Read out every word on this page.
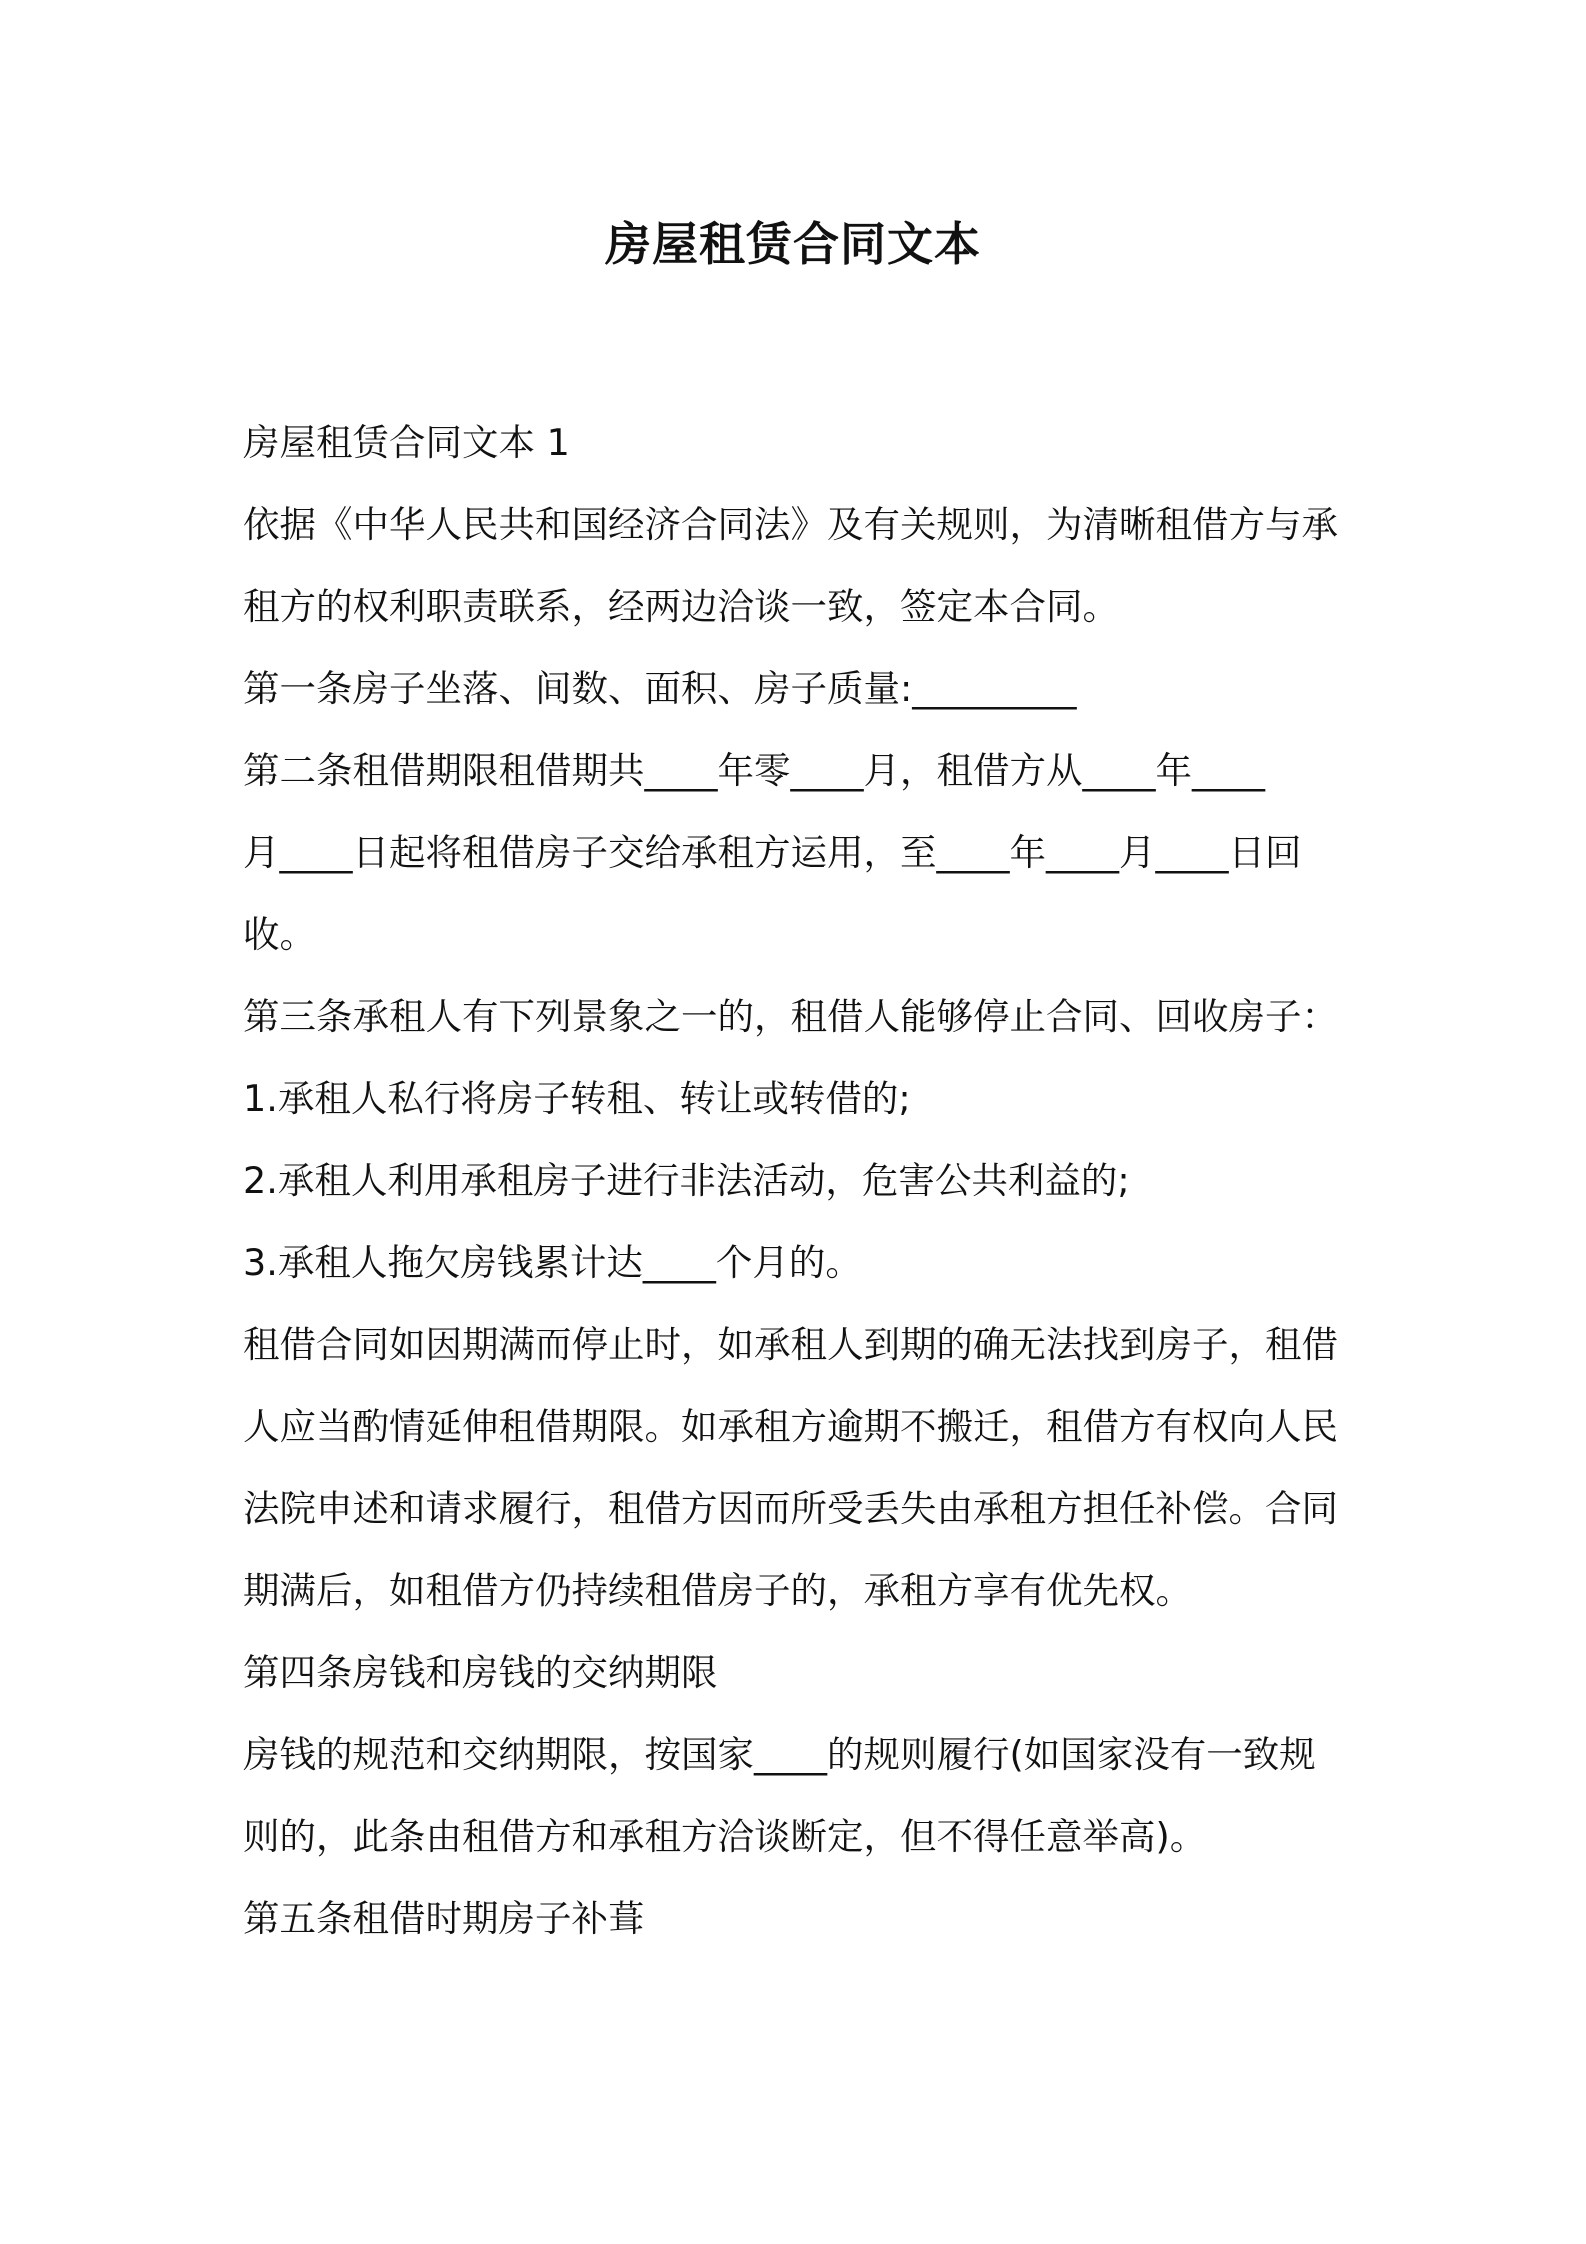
房屋租赁合同文本

房屋租赁合同文本 1

依据《中华人民共和国经济合同法》及有关规则，为清晰租借方与承
租方的权利职责联系，经两边洽谈一致，签定本合同。

第一条房子坐落、间数、面积、房子质量:_________

第二条租借期限租借期共____年零____月，租借方从____年____
月____日起将租借房子交给承租方运用，至____年____月____日回
收。

第三条承租人有下列景象之一的，租借人能够停止合同、回收房子：

1.承租人私行将房子转租、转让或转借的;

2.承租人利用承租房子进行非法活动，危害公共利益的;

3.承租人拖欠房钱累计达____个月的。

租借合同如因期满而停止时，如承租人到期的确无法找到房子，租借
人应当酌情延伸租借期限。如承租方逾期不搬迁，租借方有权向人民
法院申述和请求履行，租借方因而所受丢失由承租方担任补偿。合同
期满后，如租借方仍持续租借房子的，承租方享有优先权。

第四条房钱和房钱的交纳期限

房钱的规范和交纳期限，按国家____的规则履行(如国家没有一致规
则的，此条由租借方和承租方洽谈断定，但不得任意举高)。

第五条租借时期房子补葺
